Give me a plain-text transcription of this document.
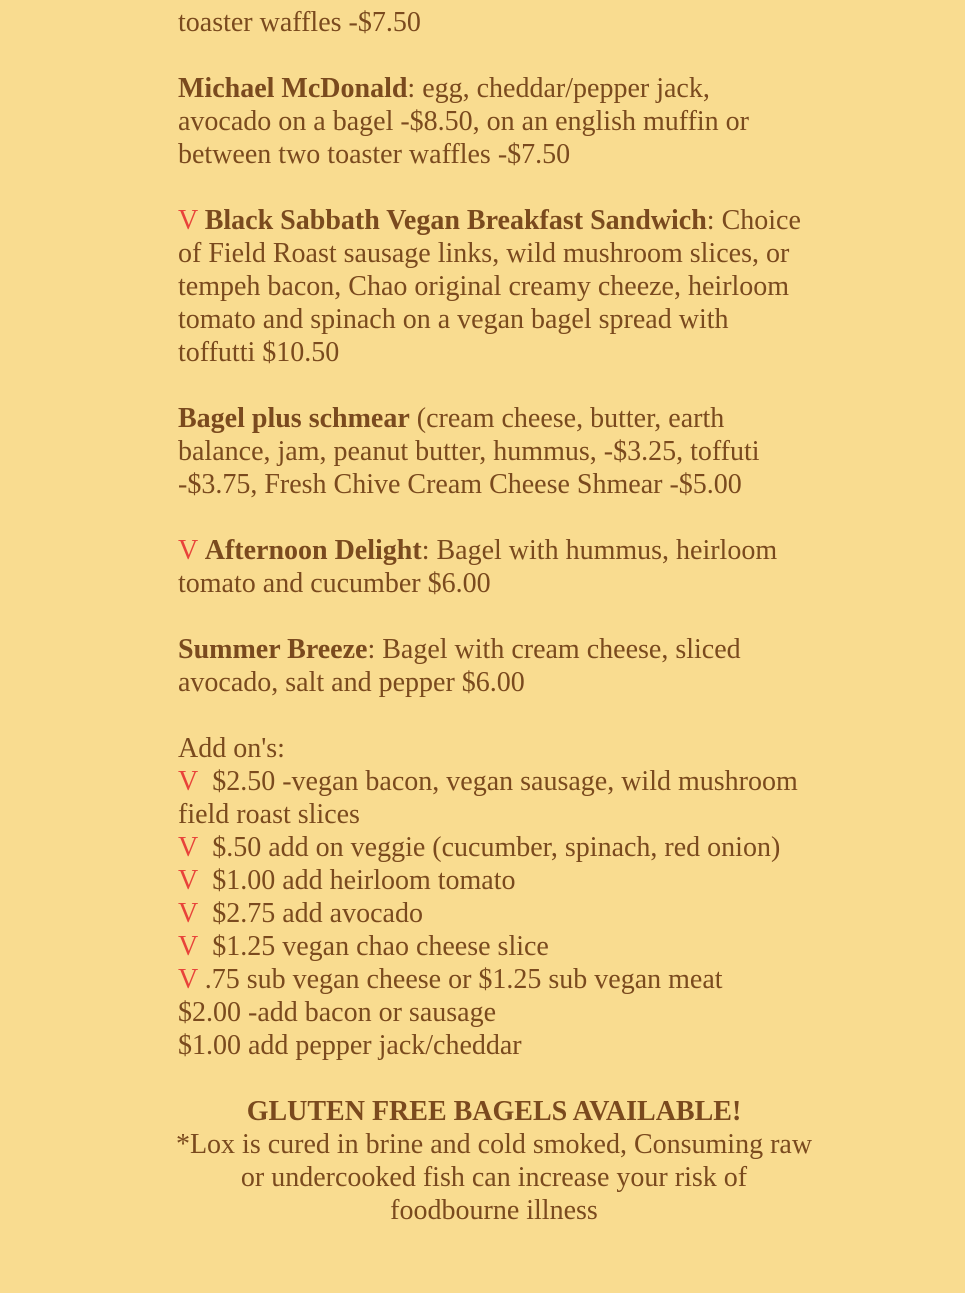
toaster waffles -$7.50

Michael McDonald: egg, cheddar/pepper jack, avocado on a bagel -$8.50, on an english muffin or between two toaster waffles -$7.50

V Black Sabbath Vegan Breakfast Sandwich: Choice of Field Roast sausage links, wild mushroom slices, or tempeh bacon, Chao original creamy cheeze, heirloom tomato and spinach on a vegan bagel spread with toffutti $10.50

Bagel plus schmear (cream cheese, butter, earth balance, jam, peanut butter, hummus, -$3.25, toffuti -$3.75, Fresh Chive Cream Cheese Shmear -$5.00

V Afternoon Delight: Bagel with hummus, heirloom tomato and cucumber $6.00

Summer Breeze: Bagel with cream cheese, sliced avocado, salt and pepper $6.00

Add on's:
V $2.50 -vegan bacon, vegan sausage, wild mushroom field roast slices
V $.50 add on veggie (cucumber, spinach, red onion)
V $1.00 add heirloom tomato
V $2.75 add avocado
V $1.25 vegan chao cheese slice
V .75 sub vegan cheese or $1.25 sub vegan meat
$2.00 -add bacon or sausage
$1.00 add pepper jack/cheddar
GLUTEN FREE BAGELS AVAILABLE!
*Lox is cured in brine and cold smoked, Consuming raw or undercooked fish can increase your risk of foodbourne illness
